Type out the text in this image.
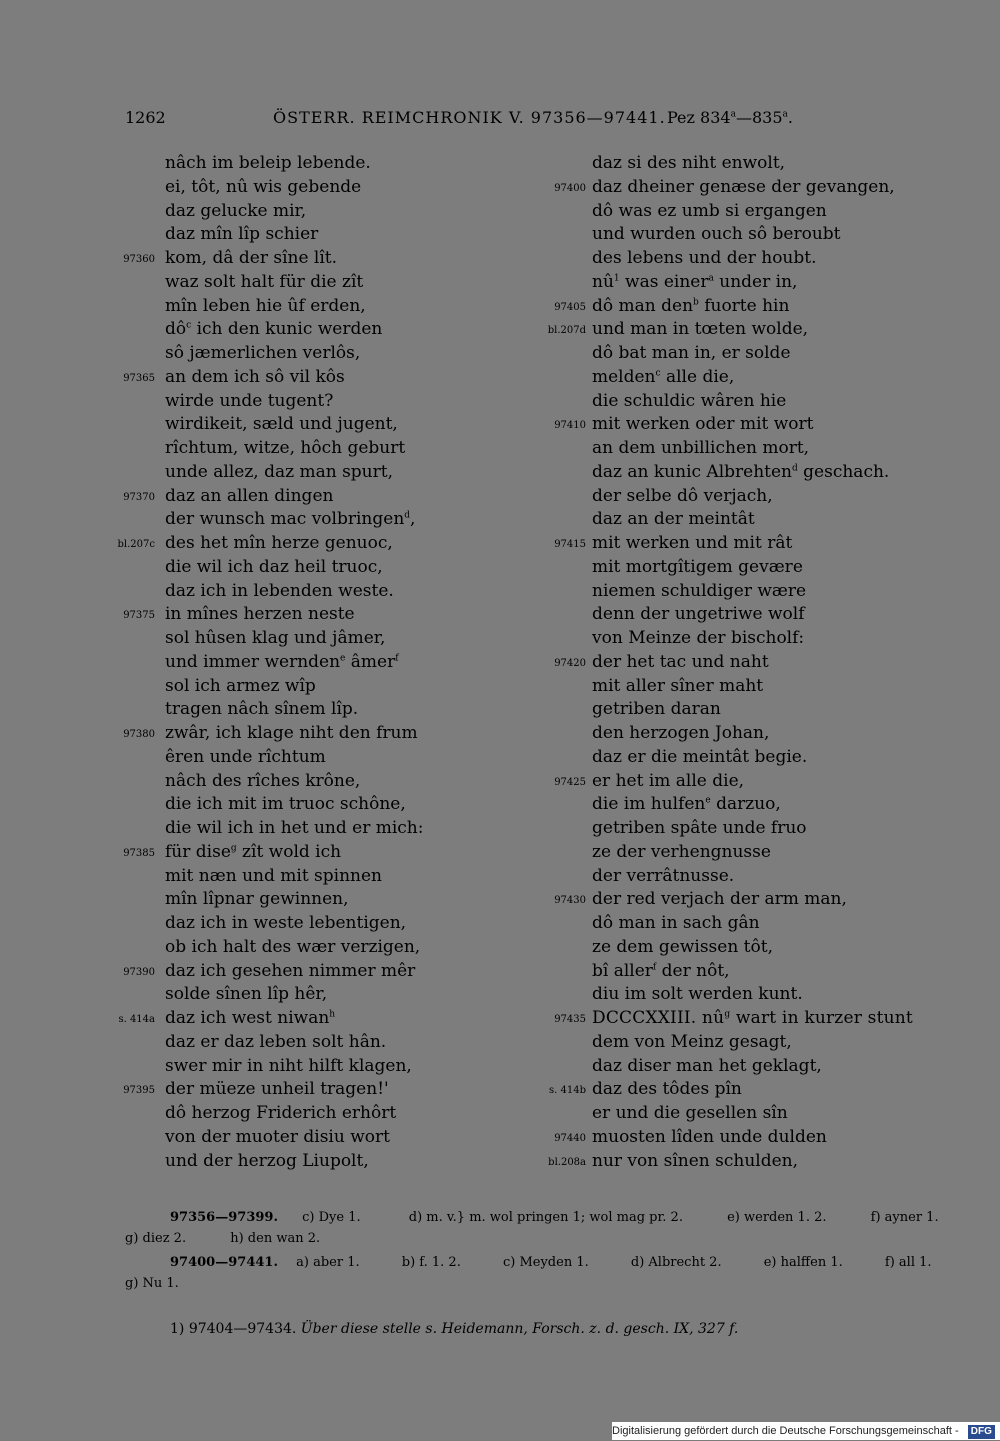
1262	ÖSTERR. REIMCHRONIK V. 97356—97441. Pez 834$^a$—835$^a$.
nâch im beleip lebende.
ei, tôt, nû wis gebende
daz gelucke mir,
daz mîn lîp schier
97360 kom, dâ der sîne lît.
waz solt halt für die zît
mîn leben hie ûf erden,
$dô^c$ ich den kunic werden
sô jæmerlichen verlôs,
97365 an dem ich sô vil kôs
wirde unde tugent?
wirdikeit, sæld und jugent,
rîchtum, witze, hôch geburt
unde allez, daz man spurt,
97370 daz an allen dingen
der wunsch mac volbringen$^d$,
bl.207c des het mîn herze genuoc,
die wil ich daz heil truoc,
daz ich in lebenden weste.
97375 in mînes herzen neste
sol hûsen klag und jâmer,
und immer wernden$^e$ âmer$^f$
sol ich armez wîp
tragen nâch sînem lîp.
97380 zwâr, ich klage niht den frum
êren unde rîchtum
nâch des rîches krône,
die ich mit im truoc schône,
die wil ich in het und er mich:
97385 für dise$^g$ zît wold ich
mit næn und mit spinnen
mîn lîpnar gewinnen,
daz ich in weste lebentigen,
ob ich halt des wær verzigen,
97390 daz ich gesehen nimmer mêr
solde sînen lîp hêr,
s. 414a daz ich west niwan$^h$
daz er daz leben solt hân.
swer mir in niht hilft klagen,
97395 der müeze unheil tragen!'
dô herzog Friderich erhôrt
von der muoter disiu wort
und der herzog Liupolt,
daz si des niht enwolt,
97400 daz dheiner genæse der gevangen,
dô was ez umb si ergangen
und wurden ouch sô beroubt
des lebens und der houbt.
$nû^1$ was einer$^a$ under in,
97405 dô man den$^b$ fuorte hin
bl.207d und man in tœten wolde,
dô bat man in, er solde
melden$^c$ alle die,
die schuldic wâren hie
97410 mit werken oder mit wort
an dem unbillichen mort,
daz an kunic Albrehten$^d$ geschach.
der selbe dô verjach,
daz an der meintât
97415 mit werken und mit rât
mit mortgîtigem gevære
niemen schuldiger wære
denn der ungetriwe wolf
von Meinze der bischolf:
97420 der het tac und naht
mit aller sîner maht
getriben daran
den herzogen Johan,
daz er die meintât begie.
97425 er het im alle die,
die im hulfen$^e$ darzuo,
getriben spâte unde fruo
ze der verhengnusse
der verrâtnusse.
97430 der red verjach der arm man,
dô man in sach gân
ze dem gewissen tôt,
bî aller$^f$ der nôt,
diu im solt werden kunt.
97435 DCCCXXIII. $nû^g$ wart in kurzer stunt
dem von Meinz gesagt,
daz diser man het geklagt,
s. 414b daz des tôdes pîn
er und die gesellen sîn
97440 muosten lîden unde dulden
bl.208a nur von sînen schulden,
97356—97399. c) Dye 1.	d) m. v.} m. wol pringen 1; wol mag pr. 2.	e) werden 1. 2.	f) ayner 1.
g) diez 2.	h) den wan 2.
97400—97441. a) aber 1.	b) f. 1. 2.	c) Meyden 1.	d) Albrecht 2.	e) halffen 1.	f) all 1.
g) Nu 1.
1) 97404—97434. Über diese stelle s. Heidemann, Forsch. z. d. gesch. IX, 327 f.
Digitalisierung gefördert durch die Deutsche Forschungsgemeinschaft - DFG
